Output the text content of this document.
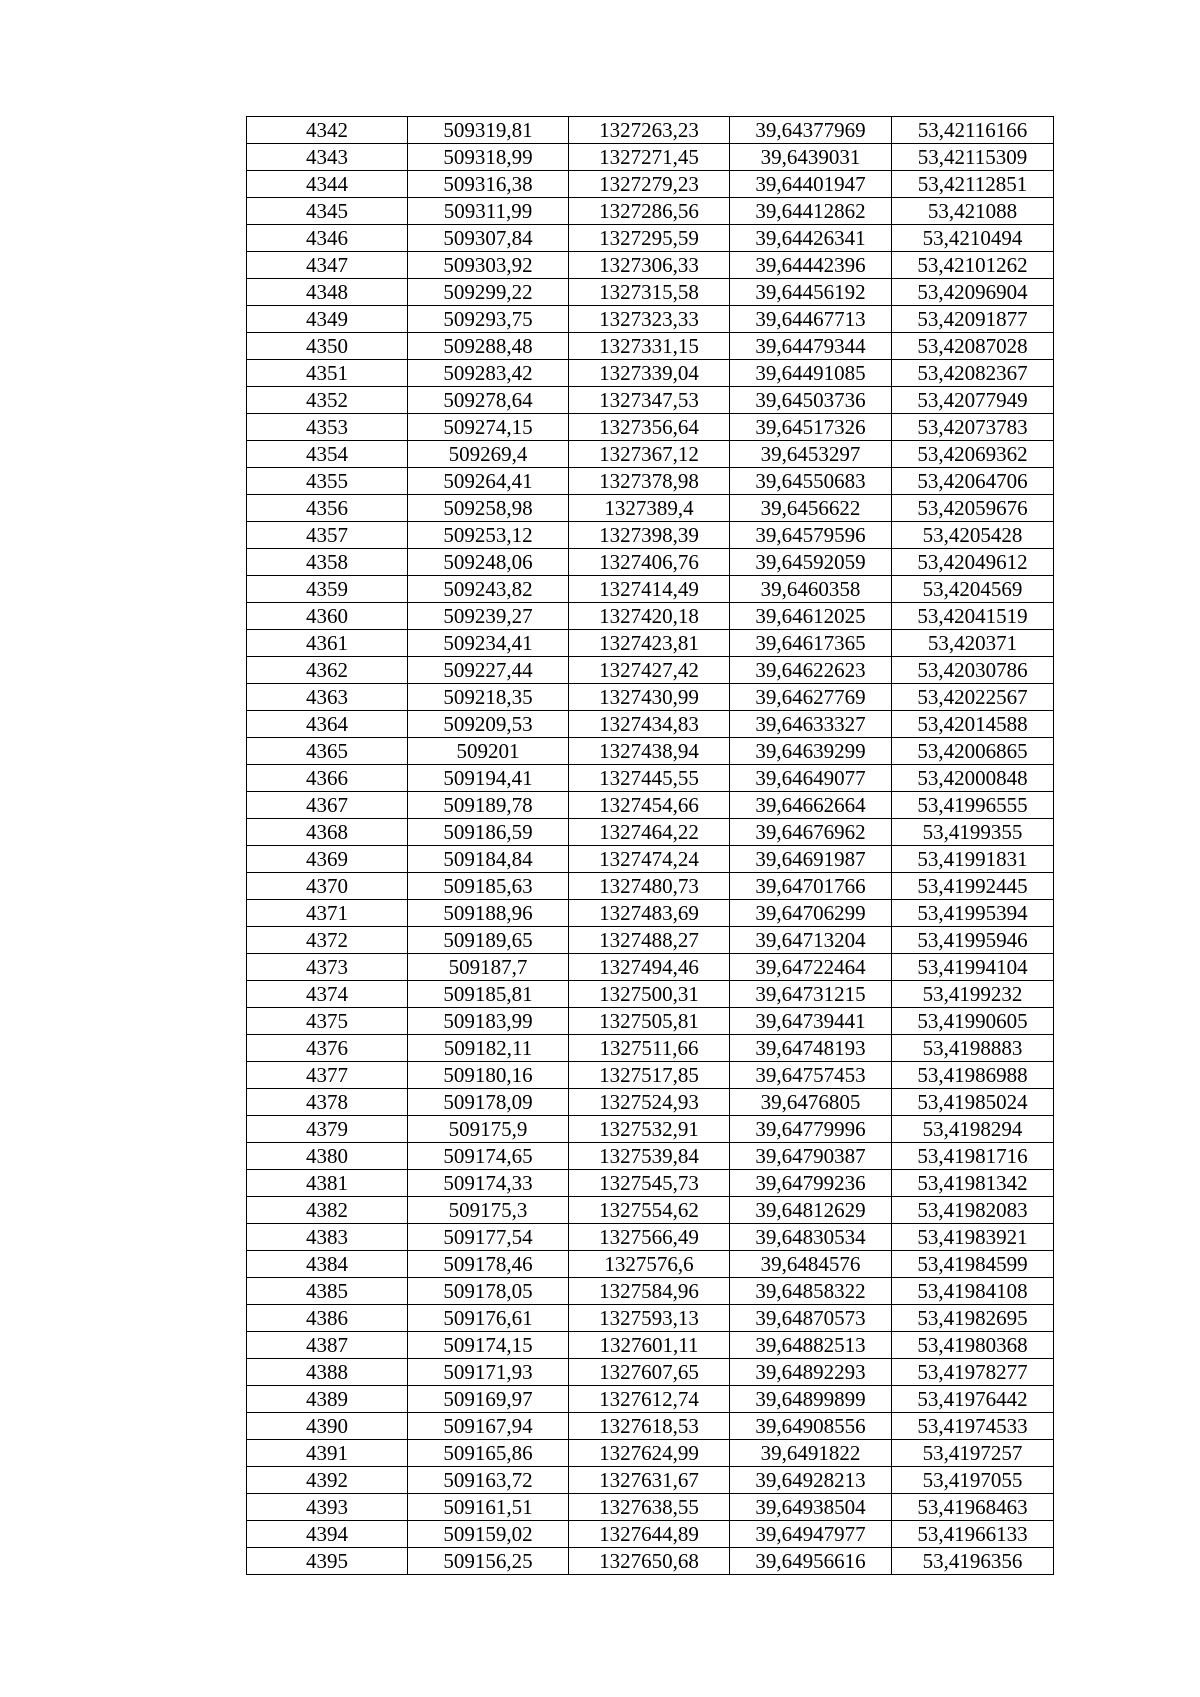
4342	509319,81	1327263,23	39,64377969	53,42116166
4343	509318,99	1327271,45	39,6439031	53,42115309
4344	509316,38	1327279,23	39,64401947	53,42112851
4345	509311,99	1327286,56	39,64412862	53,421088
4346	509307,84	1327295,59	39,64426341	53,4210494
4347	509303,92	1327306,33	39,64442396	53,42101262
4348	509299,22	1327315,58	39,64456192	53,42096904
4349	509293,75	1327323,33	39,64467713	53,42091877
4350	509288,48	1327331,15	39,64479344	53,42087028
4351	509283,42	1327339,04	39,64491085	53,42082367
4352	509278,64	1327347,53	39,64503736	53,42077949
4353	509274,15	1327356,64	39,64517326	53,42073783
4354	509269,4	1327367,12	39,6453297	53,42069362
4355	509264,41	1327378,98	39,64550683	53,42064706
4356	509258,98	1327389,4	39,6456622	53,42059676
4357	509253,12	1327398,39	39,64579596	53,4205428
4358	509248,06	1327406,76	39,64592059	53,42049612
4359	509243,82	1327414,49	39,6460358	53,4204569
4360	509239,27	1327420,18	39,64612025	53,42041519
4361	509234,41	1327423,81	39,64617365	53,420371
4362	509227,44	1327427,42	39,64622623	53,42030786
4363	509218,35	1327430,99	39,64627769	53,42022567
4364	509209,53	1327434,83	39,64633327	53,42014588
4365	509201	1327438,94	39,64639299	53,42006865
4366	509194,41	1327445,55	39,64649077	53,42000848
4367	509189,78	1327454,66	39,64662664	53,41996555
4368	509186,59	1327464,22	39,64676962	53,4199355
4369	509184,84	1327474,24	39,64691987	53,41991831
4370	509185,63	1327480,73	39,64701766	53,41992445
4371	509188,96	1327483,69	39,64706299	53,41995394
4372	509189,65	1327488,27	39,64713204	53,41995946
4373	509187,7	1327494,46	39,64722464	53,41994104
4374	509185,81	1327500,31	39,64731215	53,4199232
4375	509183,99	1327505,81	39,64739441	53,41990605
4376	509182,11	1327511,66	39,64748193	53,4198883
4377	509180,16	1327517,85	39,64757453	53,41986988
4378	509178,09	1327524,93	39,6476805	53,41985024
4379	509175,9	1327532,91	39,64779996	53,4198294
4380	509174,65	1327539,84	39,64790387	53,41981716
4381	509174,33	1327545,73	39,64799236	53,41981342
4382	509175,3	1327554,62	39,64812629	53,41982083
4383	509177,54	1327566,49	39,64830534	53,41983921
4384	509178,46	1327576,6	39,6484576	53,41984599
4385	509178,05	1327584,96	39,64858322	53,41984108
4386	509176,61	1327593,13	39,64870573	53,41982695
4387	509174,15	1327601,11	39,64882513	53,41980368
4388	509171,93	1327607,65	39,64892293	53,41978277
4389	509169,97	1327612,74	39,64899899	53,41976442
4390	509167,94	1327618,53	39,64908556	53,41974533
4391	509165,86	1327624,99	39,6491822	53,4197257
4392	509163,72	1327631,67	39,64928213	53,4197055
4393	509161,51	1327638,55	39,64938504	53,41968463
4394	509159,02	1327644,89	39,64947977	53,41966133
4395	509156,25	1327650,68	39,64956616	53,4196356
